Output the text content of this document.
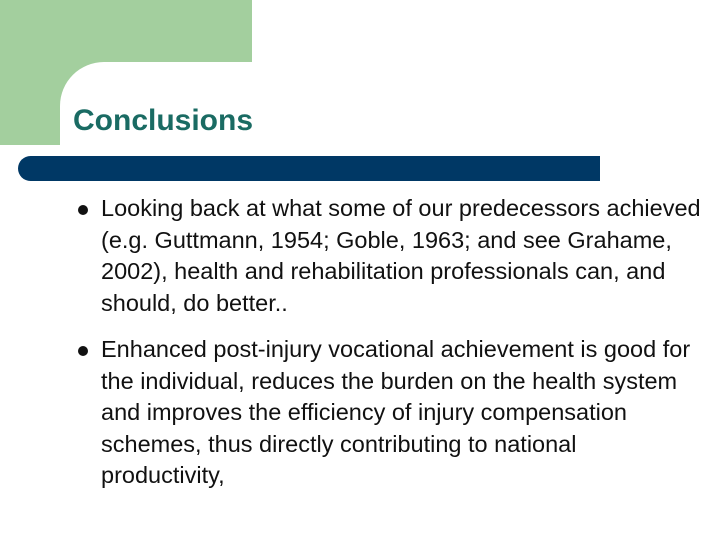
Conclusions
Looking back at what some of our predecessors achieved (e.g. Guttmann, 1954; Goble, 1963; and see Grahame, 2002), health and rehabilitation professionals can, and should, do better..
Enhanced post-injury vocational achievement is good for the individual, reduces the burden on the health system and improves the efficiency of injury compensation schemes, thus directly contributing to national productivity,
